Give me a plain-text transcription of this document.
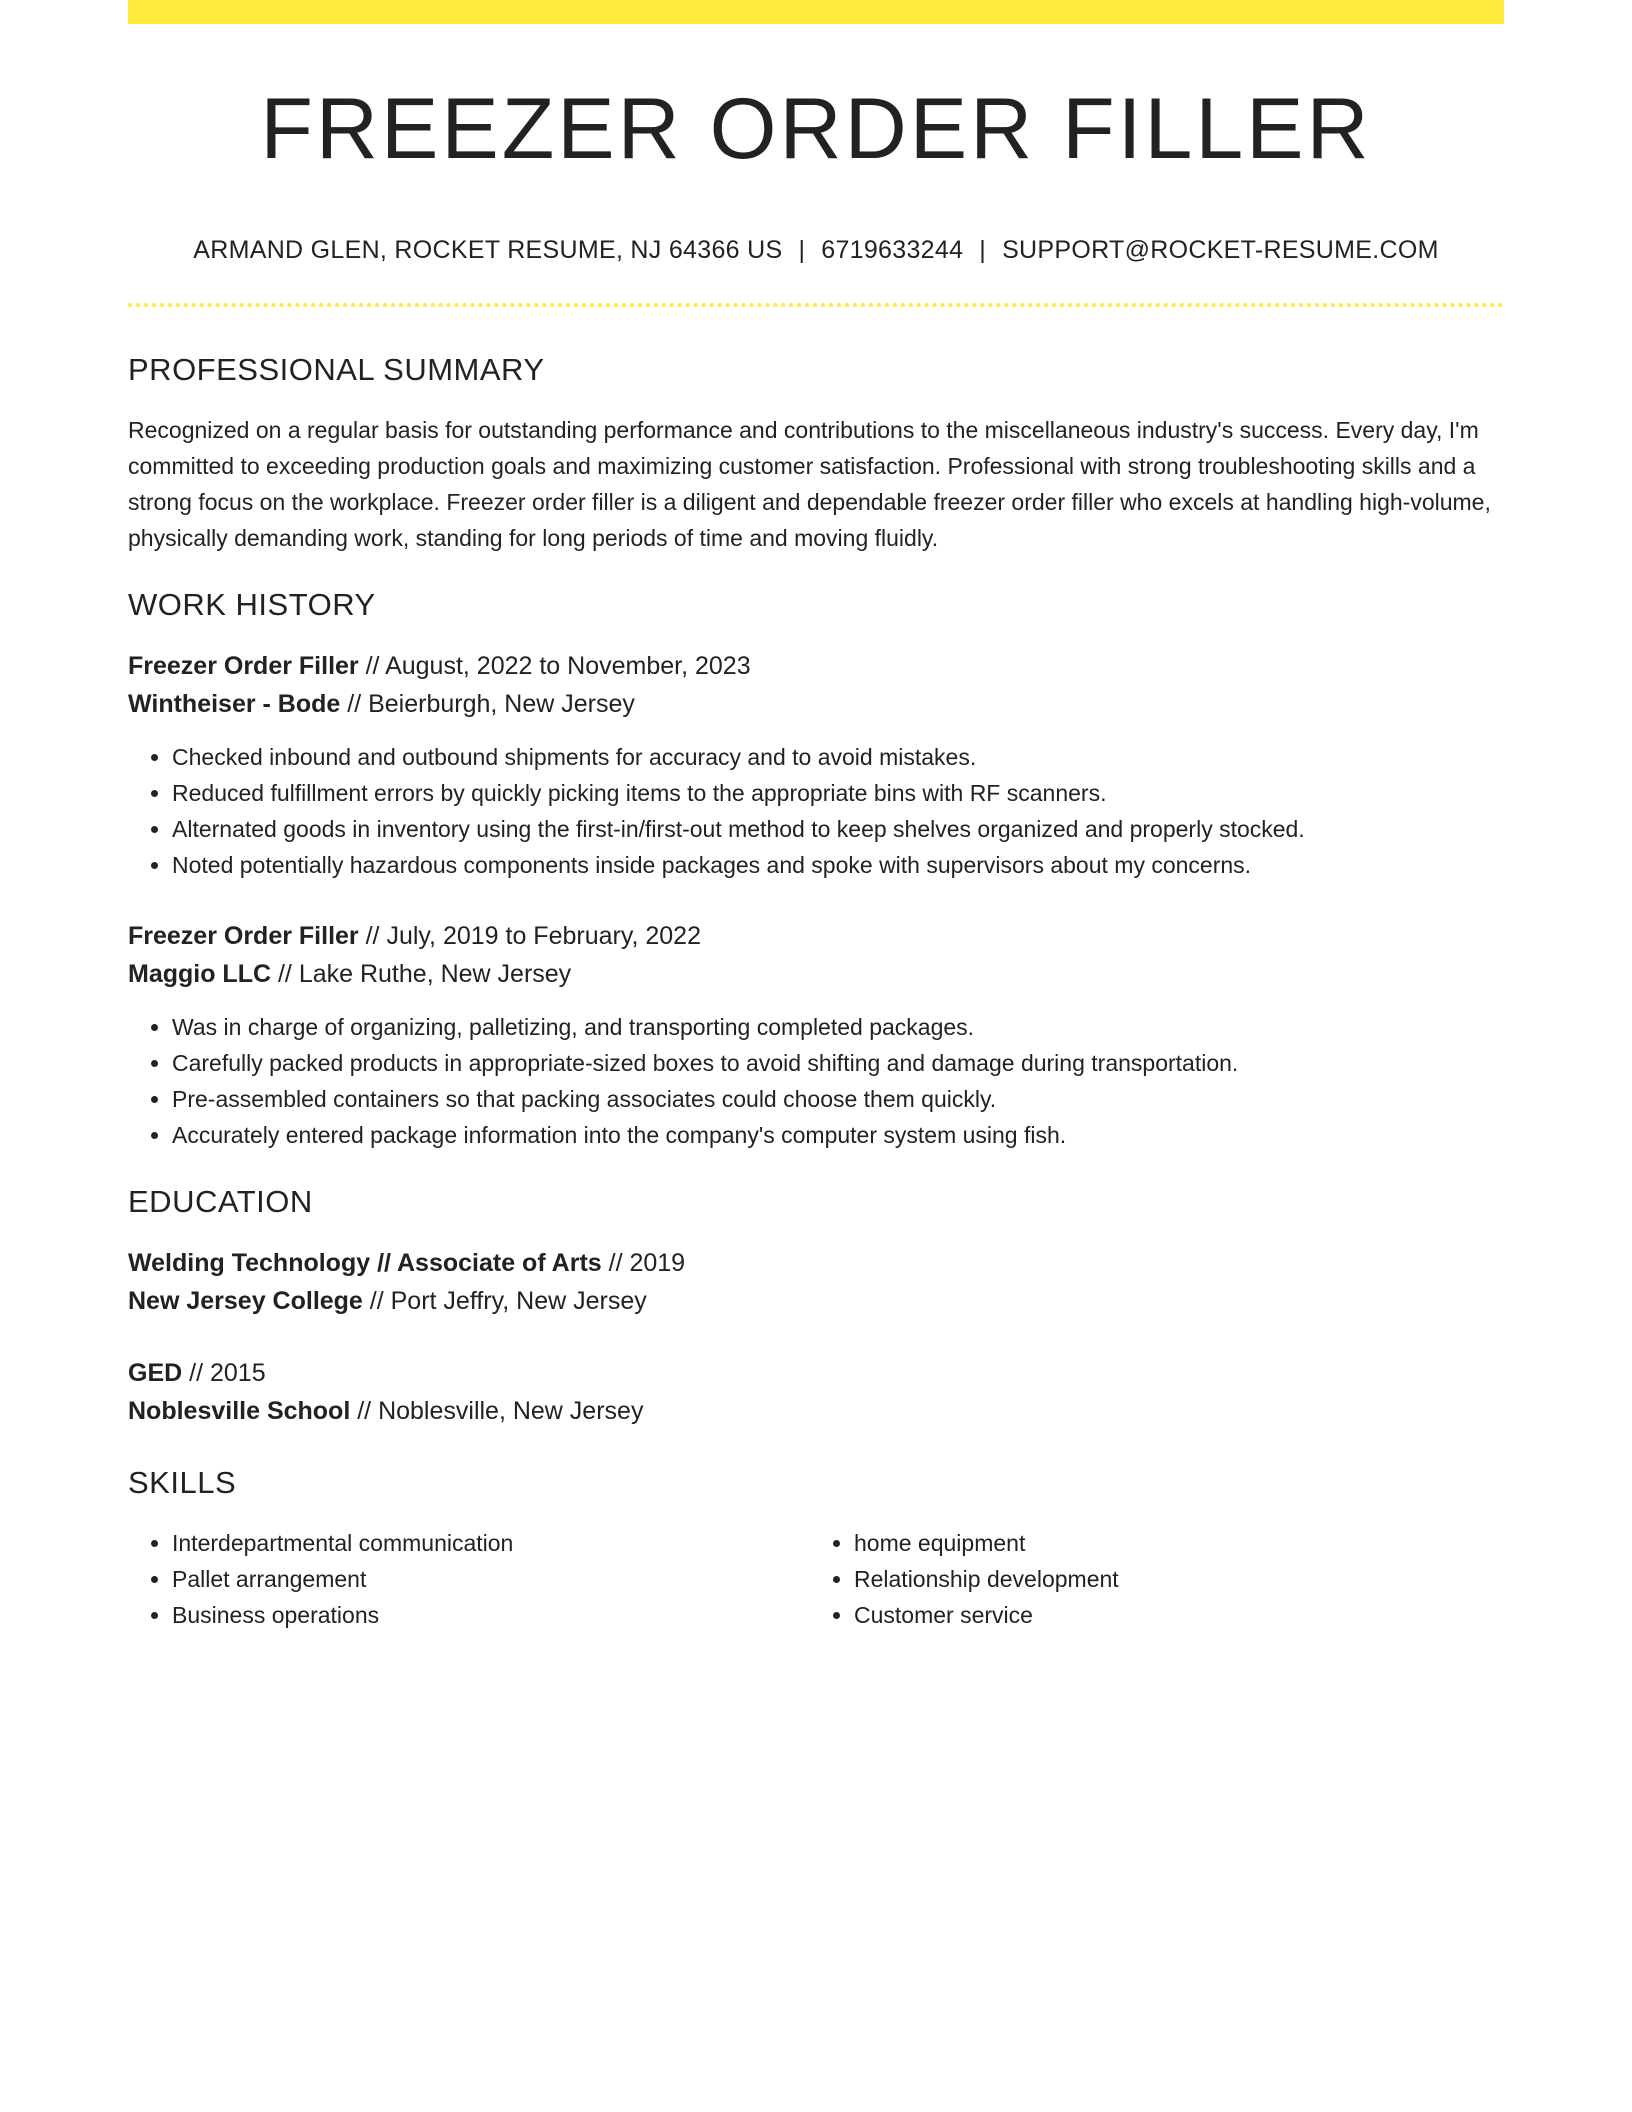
FREEZER ORDER FILLER
ARMAND GLEN, ROCKET RESUME, NJ 64366 US | 6719633244 | SUPPORT@ROCKET-RESUME.COM
PROFESSIONAL SUMMARY
Recognized on a regular basis for outstanding performance and contributions to the miscellaneous industry's success. Every day, I'm committed to exceeding production goals and maximizing customer satisfaction. Professional with strong troubleshooting skills and a strong focus on the workplace. Freezer order filler is a diligent and dependable freezer order filler who excels at handling high-volume, physically demanding work, standing for long periods of time and moving fluidly.
WORK HISTORY
Freezer Order Filler // August, 2022 to November, 2023
Wintheiser - Bode // Beierburgh, New Jersey
• Checked inbound and outbound shipments for accuracy and to avoid mistakes.
• Reduced fulfillment errors by quickly picking items to the appropriate bins with RF scanners.
• Alternated goods in inventory using the first-in/first-out method to keep shelves organized and properly stocked.
• Noted potentially hazardous components inside packages and spoke with supervisors about my concerns.
Freezer Order Filler // July, 2019 to February, 2022
Maggio LLC // Lake Ruthe, New Jersey
• Was in charge of organizing, palletizing, and transporting completed packages.
• Carefully packed products in appropriate-sized boxes to avoid shifting and damage during transportation.
• Pre-assembled containers so that packing associates could choose them quickly.
• Accurately entered package information into the company's computer system using fish.
EDUCATION
Welding Technology // Associate of Arts // 2019
New Jersey College // Port Jeffry, New Jersey
GED // 2015
Noblesville School // Noblesville, New Jersey
SKILLS
• Interdepartmental communication
• Pallet arrangement
• Business operations
• home equipment
• Relationship development
• Customer service
